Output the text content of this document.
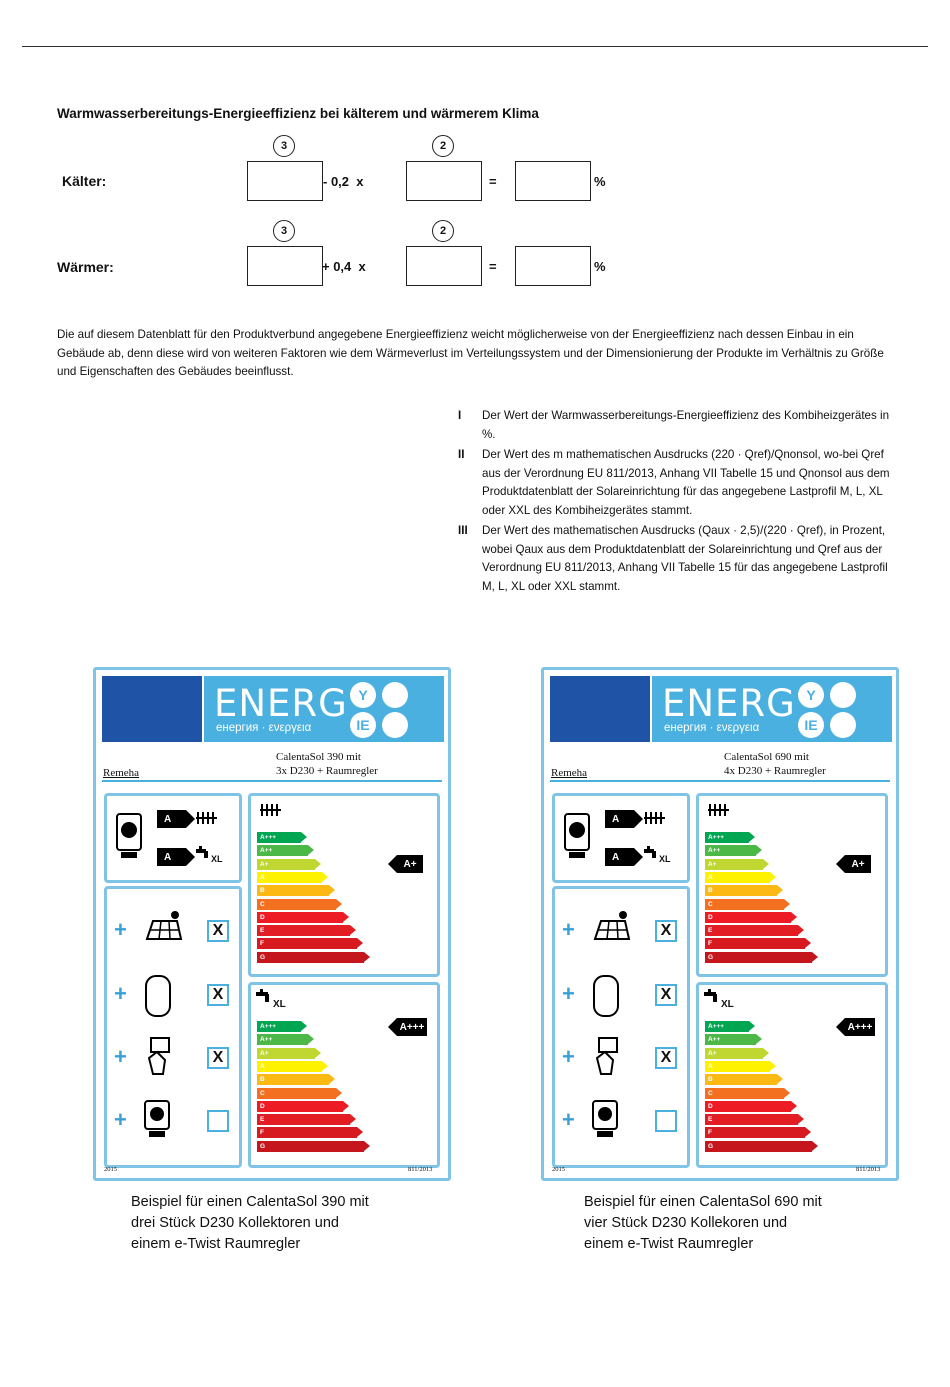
Warmwasserbereitungs-Energieeffizienz bei kälterem und wärmerem Klima
Kälter:
3
- 0,2 x
2
=	%
Wärmer:
3
+ 0,4 x
2
=	%
Die auf diesem Datenblatt für den Produktverbund angegebene Energieeffizienz weicht möglicherweise von der Energieeffizienz nach dessen Einbau in ein Gebäude ab, denn diese wird von weiteren Faktoren wie dem Wärmeverlust im Verteilungssystem und der Dimensionierung der Produkte im Verhältnis zu Größe und Eigenschaften des Gebäudes beeinflusst.
I	Der Wert der Warmwasserbereitungs-Energieeffizienz des Kombiheizgerätes in %.
II	Der Wert des m mathematischen Ausdrucks (220 · Qref)/Qnonsol, wo-bei Qref aus der Verordnung EU 811/2013, Anhang VII Tabelle 15 und Qnonsol aus dem Produktdatenblatt der Solareinrichtung für das angegebene Lastprofil M, L, XL oder XXL des Kombiheizgerätes stammt.
III	Der Wert des mathematischen Ausdrucks (Qaux · 2,5)/(220 · Qref), in Prozent, wobei Qaux aus dem Produktdatenblatt der Solareinrichtung und Qref aus der Verordnung EU 811/2013, Anhang VII Tabelle 15 für das angegebene Lastprofil M, L, XL oder XXL stammt.
ENERG
енергия · ενεργεια
Y
IE
Remeha
CalentaSol 390 mit
3x D230 + Raumregler
A
A	XL
A+++
A++
A+
A
B
C
D
E
F
G
A+
XL
A+++
A++
A+
A
B
C
D
E
F
G
A+++
+	X
+	X
+	X
+
2015	811/2013
ENERG
енергия · ενεργεια
Y
IE
Remeha
CalentaSol 690 mit
4x D230 + Raumregler
A
A	XL
A+++
A++
A+
A
B
C
D
E
F
G
A+
XL
A+++
A++
A+
A
B
C
D
E
F
G
A+++
+	X
+	X
+	X
+
2015	811/2013
Beispiel für einen CalentaSol 390 mit
drei Stück D230 Kollektoren und
einem e-Twist Raumregler
Beispiel für einen CalentaSol 690 mit
vier Stück D230 Kollekoren und
einem e-Twist Raumregler
